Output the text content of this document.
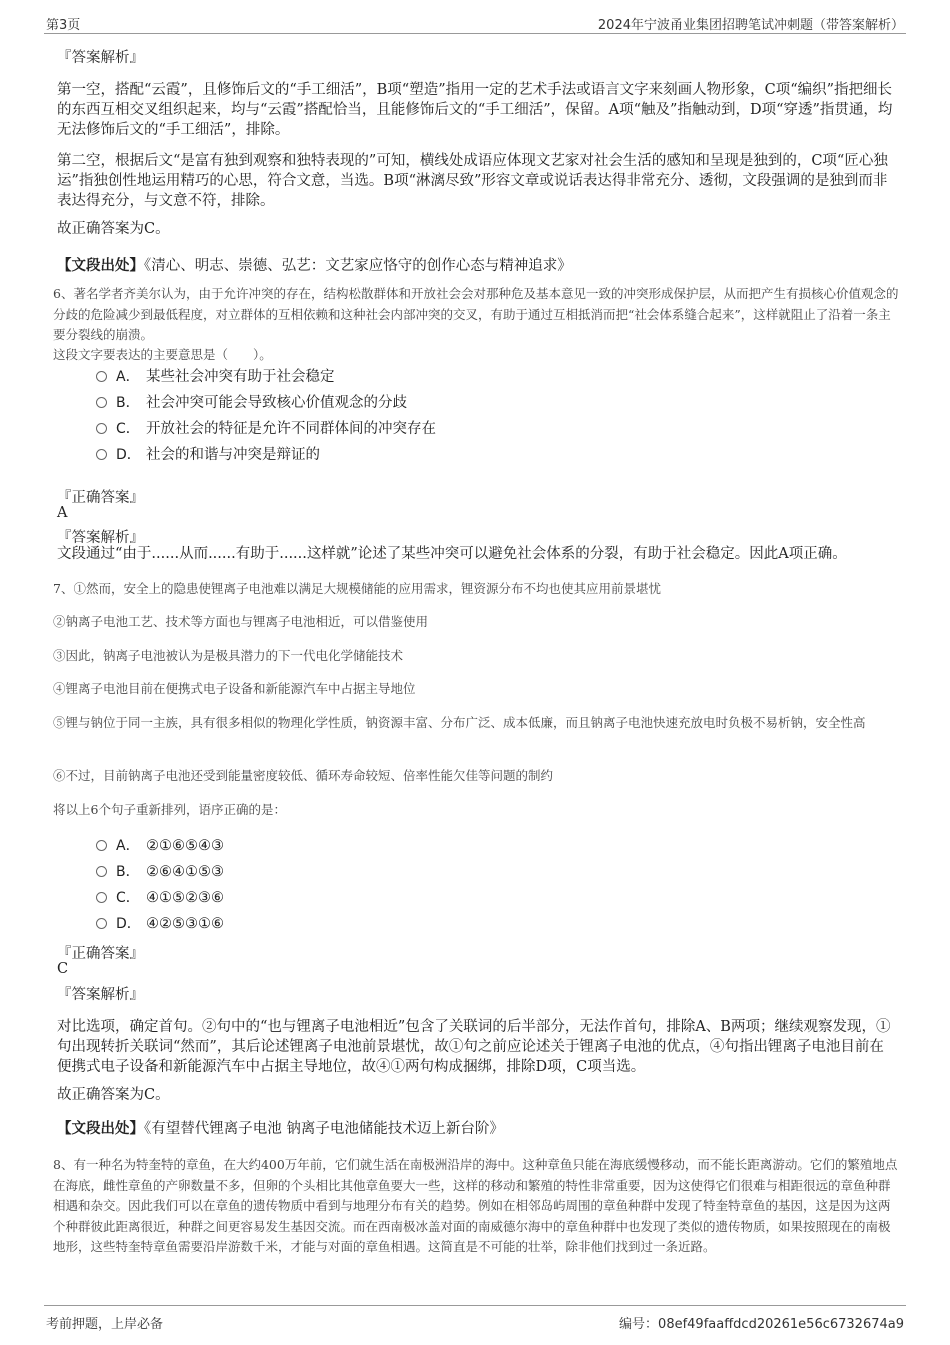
第3页	2024年宁波甬业集团招聘笔试冲刺题（带答案解析）
『答案解析』
第一空，搭配“云霞”，且修饰后文的“手工细活”，B项“塑造”指用一定的艺术手法或语言文字来刻画人物形象，C项“编织”指把细长的东西互相交叉组织起来，均与“云霞”搭配恰当，且能修饰后文的“手工细活”，保留。A项“触及”指触动到，D项“穿透”指贯通，均无法修饰后文的“手工细活”，排除。
第二空，根据后文“是富有独到观察和独特表现的”可知，横线处成语应体现文艺家对社会生活的感知和呈现是独到的，C项“匠心独运”指独创性地运用精巧的心思，符合文意，当选。B项“淋漓尽致”形容文章或说话表达得非常充分、透彻，文段强调的是独到而非表达得充分，与文意不符，排除。
故正确答案为C。
【文段出处】《清心、明志、崇德、弘艺：文艺家应恪守的创作心态与精神追求》
6、著名学者齐美尔认为，由于允许冲突的存在，结构松散群体和开放社会会对那种危及基本意见一致的冲突形成保护层，从而把产生有损核心价值观念的分歧的危险减少到最低程度，对立群体的互相依赖和这种社会内部冲突的交叉，有助于通过互相抵消而把“社会体系缝合起来”，这样就阻止了沿着一条主要分裂线的崩溃。
这段文字要表达的主要意思是（　　）。
A． 某些社会冲突有助于社会稳定
B． 社会冲突可能会导致核心价值观念的分歧
C． 开放社会的特征是允许不同群体间的冲突存在
D． 社会的和谐与冲突是辩证的
『正确答案』
A
『答案解析』
文段通过“由于......从而......有助于......这样就”论述了某些冲突可以避免社会体系的分裂，有助于社会稳定。因此A项正确。
7、①然而，安全上的隐患使锂离子电池难以满足大规模储能的应用需求，锂资源分布不均也使其应用前景堪忧
②钠离子电池工艺、技术等方面也与锂离子电池相近，可以借鉴使用
③因此，钠离子电池被认为是极具潜力的下一代电化学储能技术
④锂离子电池目前在便携式电子设备和新能源汽车中占据主导地位
⑤锂与钠位于同一主族，具有很多相似的物理化学性质，钠资源丰富、分布广泛、成本低廉，而且钠离子电池快速充放电时负极不易析钠，安全性高
⑥不过，目前钠离子电池还受到能量密度较低、循环寿命较短、倍率性能欠佳等问题的制约
将以上6个句子重新排列，语序正确的是：
A． ②①⑥⑤④③
B． ②⑥④①⑤③
C． ④①⑤②③⑥
D． ④②⑤③①⑥
『正确答案』
C
『答案解析』
对比选项，确定首句。②句中的“也与锂离子电池相近”包含了关联词的后半部分，无法作首句，排除A、B两项；继续观察发现，①句出现转折关联词“然而”，其后论述锂离子电池前景堪忧，故①句之前应论述关于锂离子电池的优点，④句指出锂离子电池目前在便携式电子设备和新能源汽车中占据主导地位，故④①两句构成捆绑，排除D项，C项当选。
故正确答案为C。
【文段出处】《有望替代锂离子电池 钠离子电池储能技术迈上新台阶》
8、有一种名为特奎特的章鱼，在大约400万年前，它们就生活在南极洲沿岸的海中。这种章鱼只能在海底缓慢移动，而不能长距离游动。它们的繁殖地点在海底，雌性章鱼的产卵数量不多，但卵的个头相比其他章鱼要大一些，这样的移动和繁殖的特性非常重要，因为这使得它们很难与相距很远的章鱼种群相遇和杂交。因此我们可以在章鱼的遗传物质中看到与地理分布有关的趋势。例如在相邻岛屿周围的章鱼种群中发现了特奎特章鱼的基因，这是因为这两个种群彼此距离很近，种群之间更容易发生基因交流。而在西南极冰盖对面的南威德尔海中的章鱼种群中也发现了类似的遗传物质，如果按照现在的南极地形，这些特奎特章鱼需要沿岸游数千米，才能与对面的章鱼相遇。这简直是不可能的壮举，除非他们找到过一条近路。
考前押题，上岸必备	编号：08ef49faaffdcd20261e56c6732674a9
